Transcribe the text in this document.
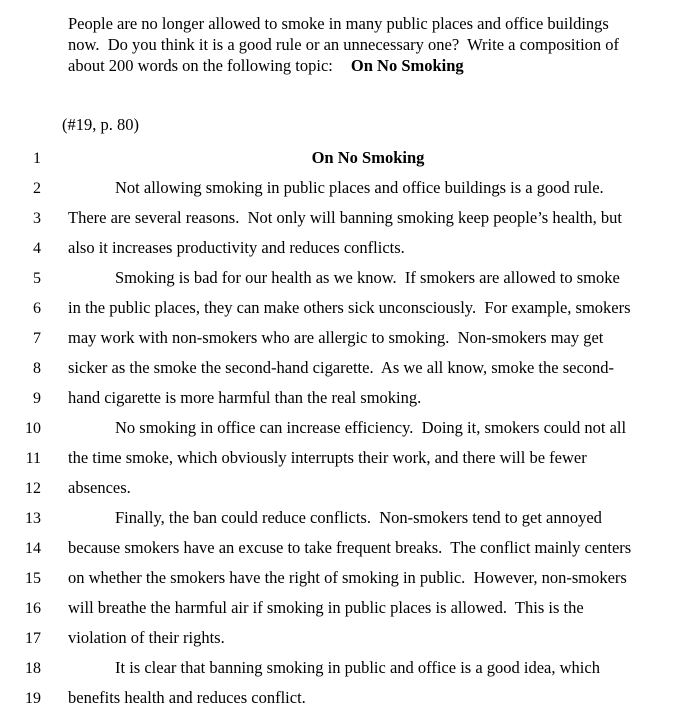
People are no longer allowed to smoke in many public places and office buildings
now.  Do you think it is a good rule or an unnecessary one?  Write a composition of
about 200 words on the following topic: On No Smoking
(#19, p. 80)
1	On No Smoking
2	Not allowing smoking in public places and office buildings is a good rule.
3 There are several reasons.  Not only will banning smoking keep people’s health, but
4 also it increases productivity and reduces conflicts.
5	Smoking is bad for our health as we know.  If smokers are allowed to smoke
6 in the public places, they can make others sick unconsciously.  For example, smokers
7 may work with non-smokers who are allergic to smoking.  Non-smokers may get
8 sicker as the smoke the second-hand cigarette.  As we all know, smoke the second-
9 hand cigarette is more harmful than the real smoking.
10	No smoking in office can increase efficiency.  Doing it, smokers could not all
11 the time smoke, which obviously interrupts their work, and there will be fewer
12 absences.
13	Finally, the ban could reduce conflicts.  Non-smokers tend to get annoyed
14 because smokers have an excuse to take frequent breaks.  The conflict mainly centers
15 on whether the smokers have the right of smoking in public.  However, non-smokers
16 will breathe the harmful air if smoking in public places is allowed.  This is the
17 violation of their rights.
18	It is clear that banning smoking in public and office is a good idea, which
19 benefits health and reduces conflict.
